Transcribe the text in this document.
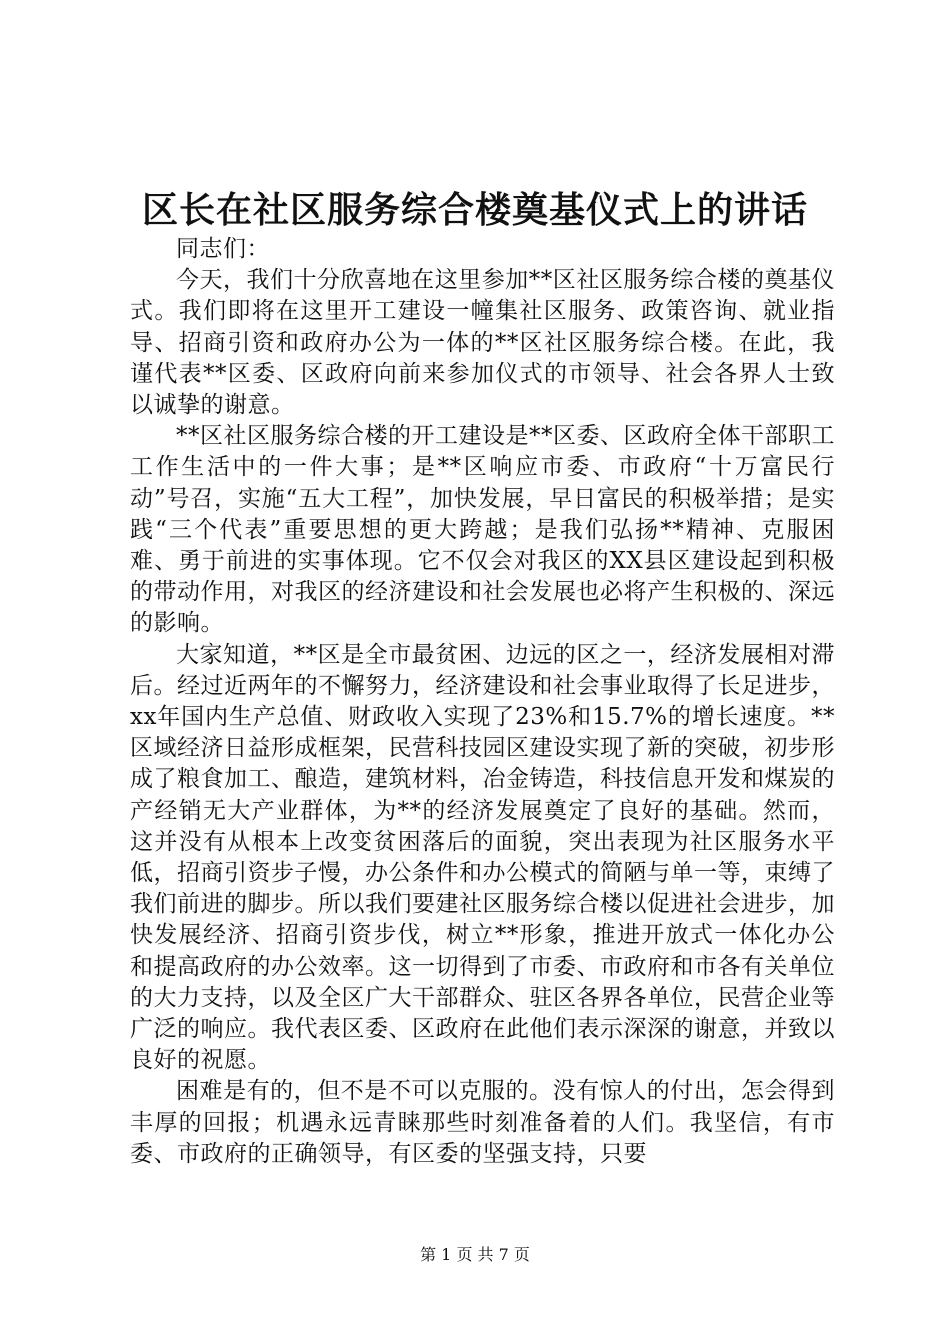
区长在社区服务综合楼奠基仪式上的讲话

同志们：

今天，我们十分欣喜地在这里参加**区社区服务综合楼的奠基仪式。我们即将在这里开工建设一幢集社区服务、政策咨询、就业指导、招商引资和政府办公为一体的**区社区服务综合楼。在此，我谨代表**区委、区政府向前来参加仪式的市领导、社会各界人士致以诚挚的谢意。

**区社区服务综合楼的开工建设是**区委、区政府全体干部职工工作生活中的一件大事；是**区响应市委、市政府“十万富民行动”号召，实施“五大工程”，加快发展，早日富民的积极举措；是实践“三个代表”重要思想的更大跨越；是我们弘扬**精神、克服困难、勇于前进的实事体现。它不仅会对我区的XX县区建设起到积极的带动作用，对我区的经济建设和社会发展也必将产生积极的、深远的影响。

大家知道，**区是全市最贫困、边远的区之一，经济发展相对滞后。经过近两年的不懈努力，经济建设和社会事业取得了长足进步，xx年国内生产总值、财政收入实现了23%和15.7%的增长速度。**区域经济日益形成框架，民营科技园区建设实现了新的突破，初步形成了粮食加工、酿造，建筑材料，冶金铸造，科技信息开发和煤炭的产经销无大产业群体，为**的经济发展奠定了良好的基础。然而，这并没有从根本上改变贫困落后的面貌，突出表现为社区服务水平低，招商引资步子慢，办公条件和办公模式的简陋与单一等，束缚了我们前进的脚步。所以我们要建社区服务综合楼以促进社会进步，加快发展经济、招商引资步伐，树立**形象，推进开放式一体化办公和提高政府的办公效率。这一切得到了市委、市政府和市各有关单位的大力支持，以及全区广大干部群众、驻区各界各单位，民营企业等广泛的响应。我代表区委、区政府在此他们表示深深的谢意，并致以良好的祝愿。

困难是有的，但不是不可以克服的。没有惊人的付出，怎会得到丰厚的回报；机遇永远青睐那些时刻准备着的人们。我坚信，有市委、市政府的正确领导，有区委的坚强支持，只要

第 1 页 共 7 页
